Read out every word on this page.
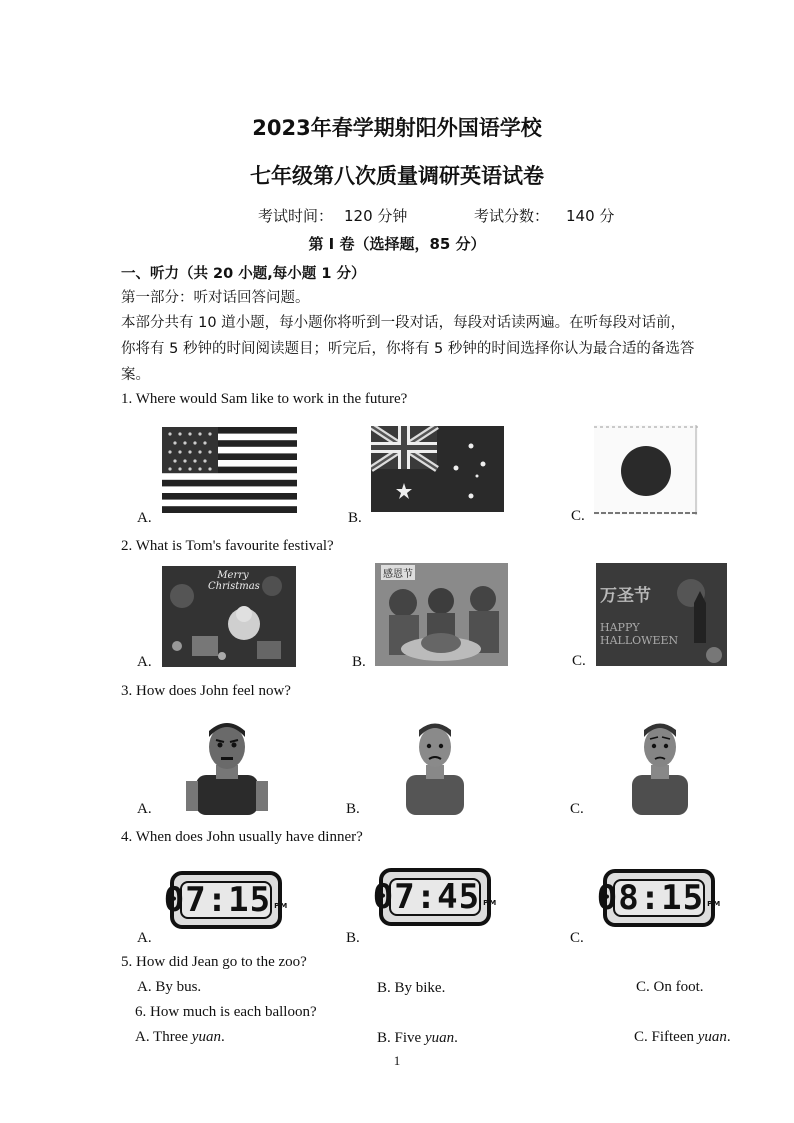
2023年春学期射阳外国语学校
七年级第八次质量调研英语试卷
考试时间： 120 分钟	考试分数： 140 分
第 I 卷（选择题，85 分）
一、听力（共 20 小题,每小题 1 分）
第一部分：听对话回答问题。
本部分共有 10 道小题，每小题你将听到一段对话，每段对话读两遍。在听每段对话前，
你将有 5 秒钟的时间阅读题目；听完后，你将有 5 秒钟的时间选择你认为最合适的备选答
案。
1. Where would Sam like to work in the future?
A.	B.	C.
2. What is Tom's favourite festival?
Merry Christmas
感恩节
万圣节
HAPPY HALLOWEEN
A.	B.	C.
3. How does John feel now?
A.	B.	C.
4. When does John usually have dinner?
07:15 PM 07:45 PM	08:15 PM
A.	B.	C.
5. How did Jean go to the zoo?
A. By bus.	B. By bike.	C. On foot.
6. How much is each balloon?
A. Three yuan.	B. Five yuan.	C. Fifteen yuan.
1
